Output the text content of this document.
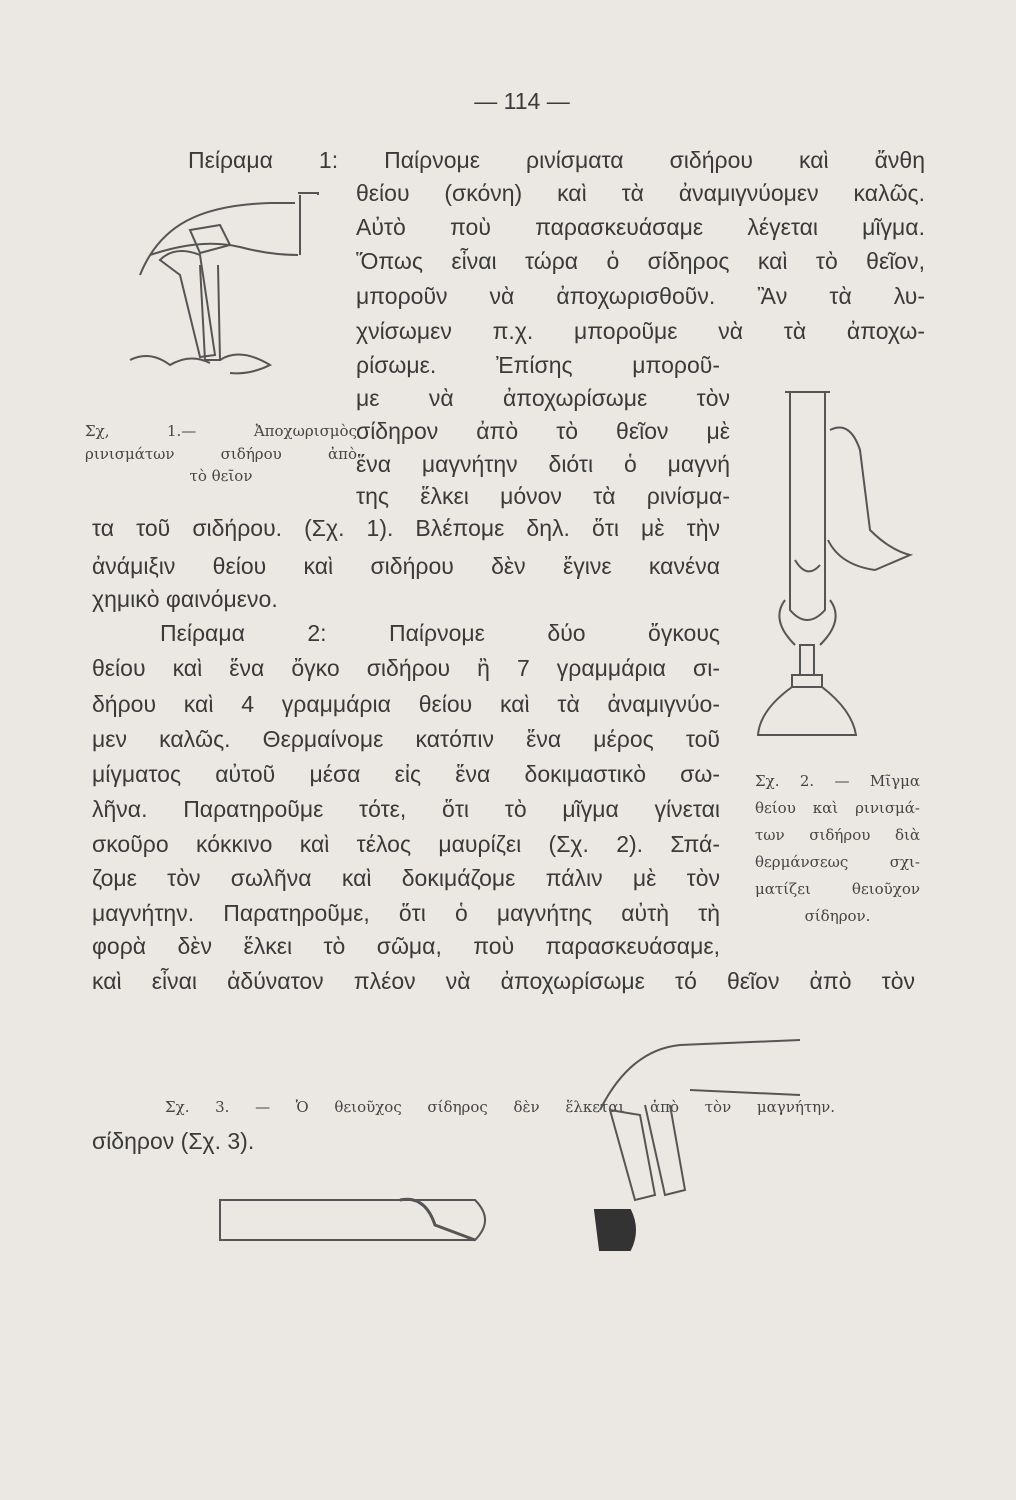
— 114 —
Πείραμα 1: Παίρνομε ρινίσματα σιδήρου καὶ ἄνθη
θείου (σκόνη) καὶ τὰ ἀναμιγνύομεν καλῶς.
Αὐτὸ ποὺ παρασκευάσαμε λέγεται μῖγμα.
Ὅπως εἶναι τώρα ὁ σίδηρος καὶ τὸ θεῖον,
μποροῦν νὰ ἀποχωρισθοῦν. Ἂν τὰ λυ-
χνίσωμεν π.χ. μποροῦμε νὰ τὰ ἀποχω-
ρίσωμε. Ἐπίσης μποροῦ-
με νὰ ἀποχωρίσωμε τὸν
σίδηρον ἀπὸ τὸ θεῖον μὲ
ἕνα μαγνήτην διότι ὁ μαγνή
της ἕλκει μόνον τὰ ρινίσμα-
τα τοῦ σιδήρου. (Σχ. 1). Βλέπομε δηλ. ὅτι μὲ τὴν
ἀνάμιξιν θείου καὶ σιδήρου δὲν ἔγινε κανένα
χημικὸ φαινόμενο.
Πείραμα 2: Παίρνομε δύο ὄγκους
θείου καὶ ἕνα ὄγκο σιδήρου ἢ 7 γραμμάρια σι-
δήρου καὶ 4 γραμμάρια θείου καὶ τὰ ἀναμιγνύο-
μεν καλῶς. Θερμαίνομε κατόπιν ἕνα μέρος τοῦ
μίγματος αὐτοῦ μέσα εἰς ἕνα δοκιμαστικὸ σω-
λῆνα. Παρατηροῦμε τότε, ὅτι τὸ μῖγμα γίνεται
σκοῦρο κόκκινο καὶ τέλος μαυρίζει (Σχ. 2). Σπά-
ζομε τὸν σωλῆνα καὶ δοκιμάζομε πάλιν μὲ τὸν
μαγνήτην. Παρατηροῦμε, ὅτι ὁ μαγνήτης αὐτὴ τὴ
φορὰ δὲν ἕλκει τὸ σῶμα, ποὺ παρασκευάσαμε,
καὶ εἶναι ἀδύνατον πλέον νὰ ἀποχωρίσωμε τό θεῖον ἀπὸ τὸν
σίδηρον (Σχ. 3).
Σχ, 1.— Ἀποχωρισμὸς
ρινισμάτων σιδήρου ἀπὸ
τὸ θεῖον
Σχ. 2. — Μῖγμα
θείου καὶ ρινισμά-
των σιδήρου διὰ
θερμάνσεως σχι-
ματίζει θειοῦχον
σίδηρον.
Σχ. 3. — Ὁ θειοῦχος σίδηρος δὲν ἕλκεται ἀπὸ τὸν μαγνήτην.
